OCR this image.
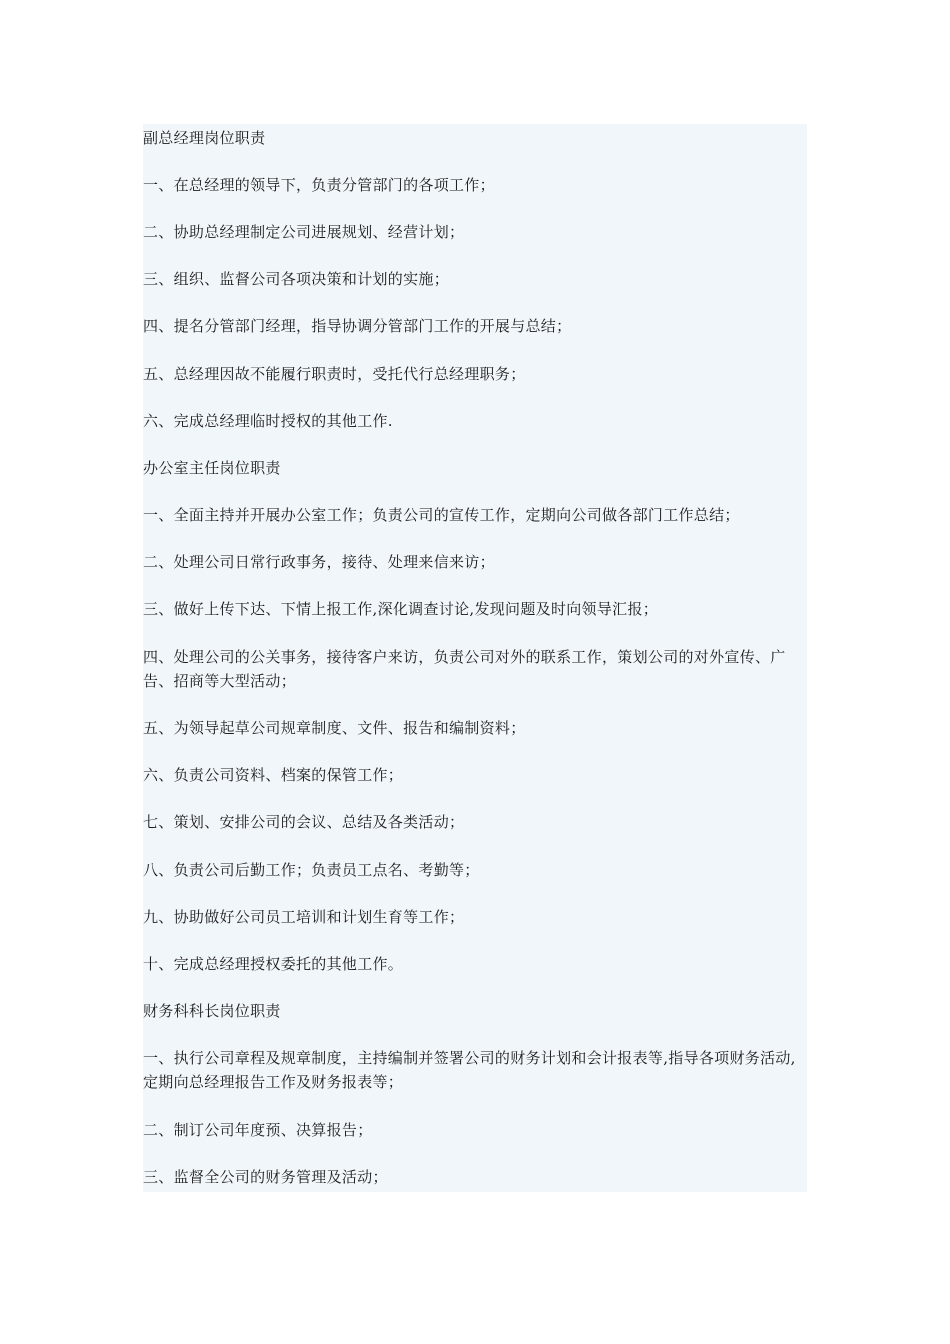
副总经理岗位职责

一、在总经理的领导下，负责分管部门的各项工作；

二、协助总经理制定公司进展规划、经营计划；

三、组织、监督公司各项决策和计划的实施；

四、提名分管部门经理，指导协调分管部门工作的开展与总结；

五、总经理因故不能履行职责时，受托代行总经理职务；

六、完成总经理临时授权的其他工作.

办公室主任岗位职责

一、全面主持并开展办公室工作；负责公司的宣传工作，定期向公司做各部门工作总结；

二、处理公司日常行政事务，接待、处理来信来访；

三、做好上传下达、下情上报工作,深化调查讨论,发现问题及时向领导汇报；

四、处理公司的公关事务，接待客户来访，负责公司对外的联系工作，策划公司的对外宣传、广告、招商等大型活动；

五、为领导起草公司规章制度、文件、报告和编制资料；

六、负责公司资料、档案的保管工作；

七、策划、安排公司的会议、总结及各类活动；

八、负责公司后勤工作；负责员工点名、考勤等；

九、协助做好公司员工培训和计划生育等工作；

十、完成总经理授权委托的其他工作。

财务科科长岗位职责

一、执行公司章程及规章制度，主持编制并签署公司的财务计划和会计报表等,指导各项财务活动,定期向总经理报告工作及财务报表等；

二、制订公司年度预、决算报告；

三、监督全公司的财务管理及活动；
